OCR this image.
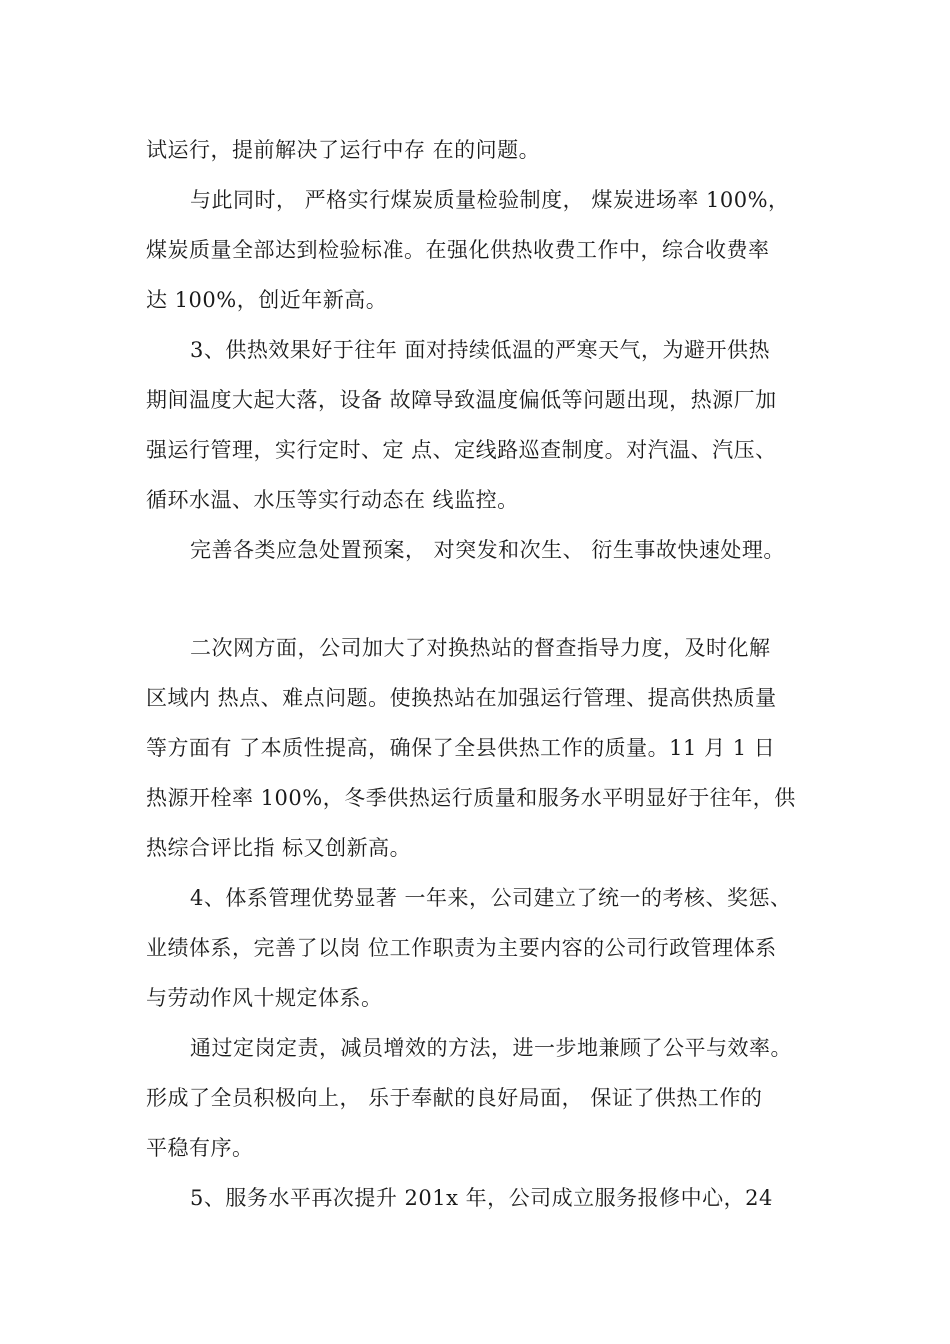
试运行，提前解决了运行中存 在的问题。
与此同时， 严格实行煤炭质量检验制度， 煤炭进场率 100%，
煤炭质量全部达到检验标准。在强化供热收费工作中，综合收费率
达 100%，创近年新高。
3、供热效果好于往年 面对持续低温的严寒天气，为避开供热
期间温度大起大落，设备 故障导致温度偏低等问题出现，热源厂加
强运行管理，实行定时、定 点、定线路巡查制度。对汽温、汽压、
循环水温、水压等实行动态在 线监控。
完善各类应急处置预案， 对突发和次生、 衍生事故快速处理。
二次网方面，公司加大了对换热站的督查指导力度，及时化解
区域内 热点、难点问题。使换热站在加强运行管理、提高供热质量
等方面有 了本质性提高，确保了全县供热工作的质量。11 月 1 日
热源开栓率 100%，冬季供热运行质量和服务水平明显好于往年，供
热综合评比指 标又创新高。
4、体系管理优势显著 一年来，公司建立了统一的考核、奖惩、
业绩体系，完善了以岗 位工作职责为主要内容的公司行政管理体系
与劳动作风十规定体系。
通过定岗定责，减员增效的方法，进一步地兼顾了公平与效率。
形成了全员积极向上， 乐于奉献的良好局面， 保证了供热工作的
平稳有序。
5、服务水平再次提升 201x 年，公司成立服务报修中心，24
